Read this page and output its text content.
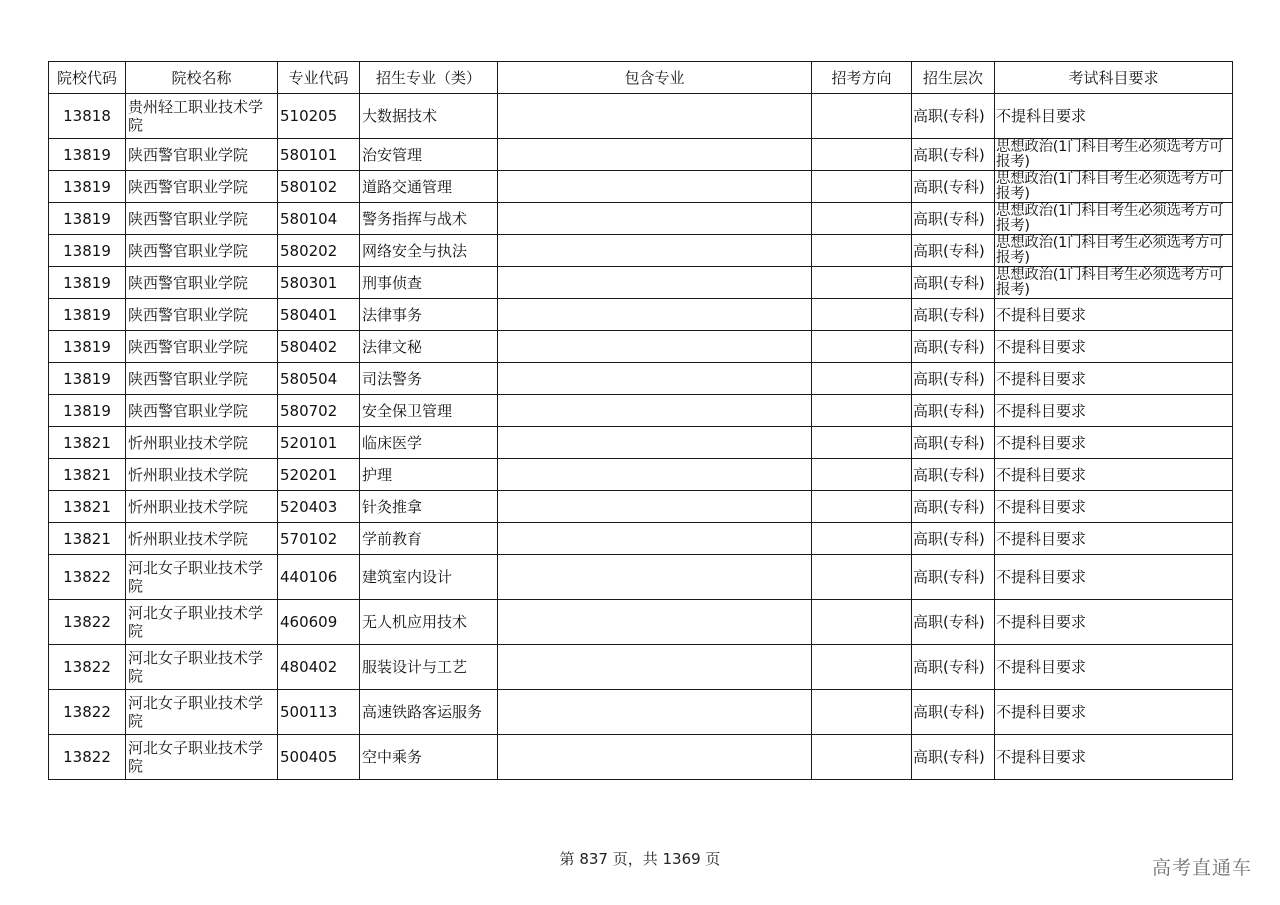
院校代码	院校名称	专业代码	招生专业（类）	包含专业	招考方向	招生层次	考试科目要求
13818	贵州轻工职业技术学院	510205	大数据技术			高职(专科)	不提科目要求
13819	陕西警官职业学院	580101	治安管理			高职(专科)	思想政治(1门科目考生必须选考方可报考)
13819	陕西警官职业学院	580102	道路交通管理			高职(专科)	思想政治(1门科目考生必须选考方可报考)
13819	陕西警官职业学院	580104	警务指挥与战术			高职(专科)	思想政治(1门科目考生必须选考方可报考)
13819	陕西警官职业学院	580202	网络安全与执法			高职(专科)	思想政治(1门科目考生必须选考方可报考)
13819	陕西警官职业学院	580301	刑事侦查			高职(专科)	思想政治(1门科目考生必须选考方可报考)
13819	陕西警官职业学院	580401	法律事务			高职(专科)	不提科目要求
13819	陕西警官职业学院	580402	法律文秘			高职(专科)	不提科目要求
13819	陕西警官职业学院	580504	司法警务			高职(专科)	不提科目要求
13819	陕西警官职业学院	580702	安全保卫管理			高职(专科)	不提科目要求
13821	忻州职业技术学院	520101	临床医学			高职(专科)	不提科目要求
13821	忻州职业技术学院	520201	护理			高职(专科)	不提科目要求
13821	忻州职业技术学院	520403	针灸推拿			高职(专科)	不提科目要求
13821	忻州职业技术学院	570102	学前教育			高职(专科)	不提科目要求
13822	河北女子职业技术学院	440106	建筑室内设计			高职(专科)	不提科目要求
13822	河北女子职业技术学院	460609	无人机应用技术			高职(专科)	不提科目要求
13822	河北女子职业技术学院	480402	服装设计与工艺			高职(专科)	不提科目要求
13822	河北女子职业技术学院	500113	高速铁路客运服务			高职(专科)	不提科目要求
13822	河北女子职业技术学院	500405	空中乘务			高职(专科)	不提科目要求
第 837 页，共 1369 页	高考直通车
